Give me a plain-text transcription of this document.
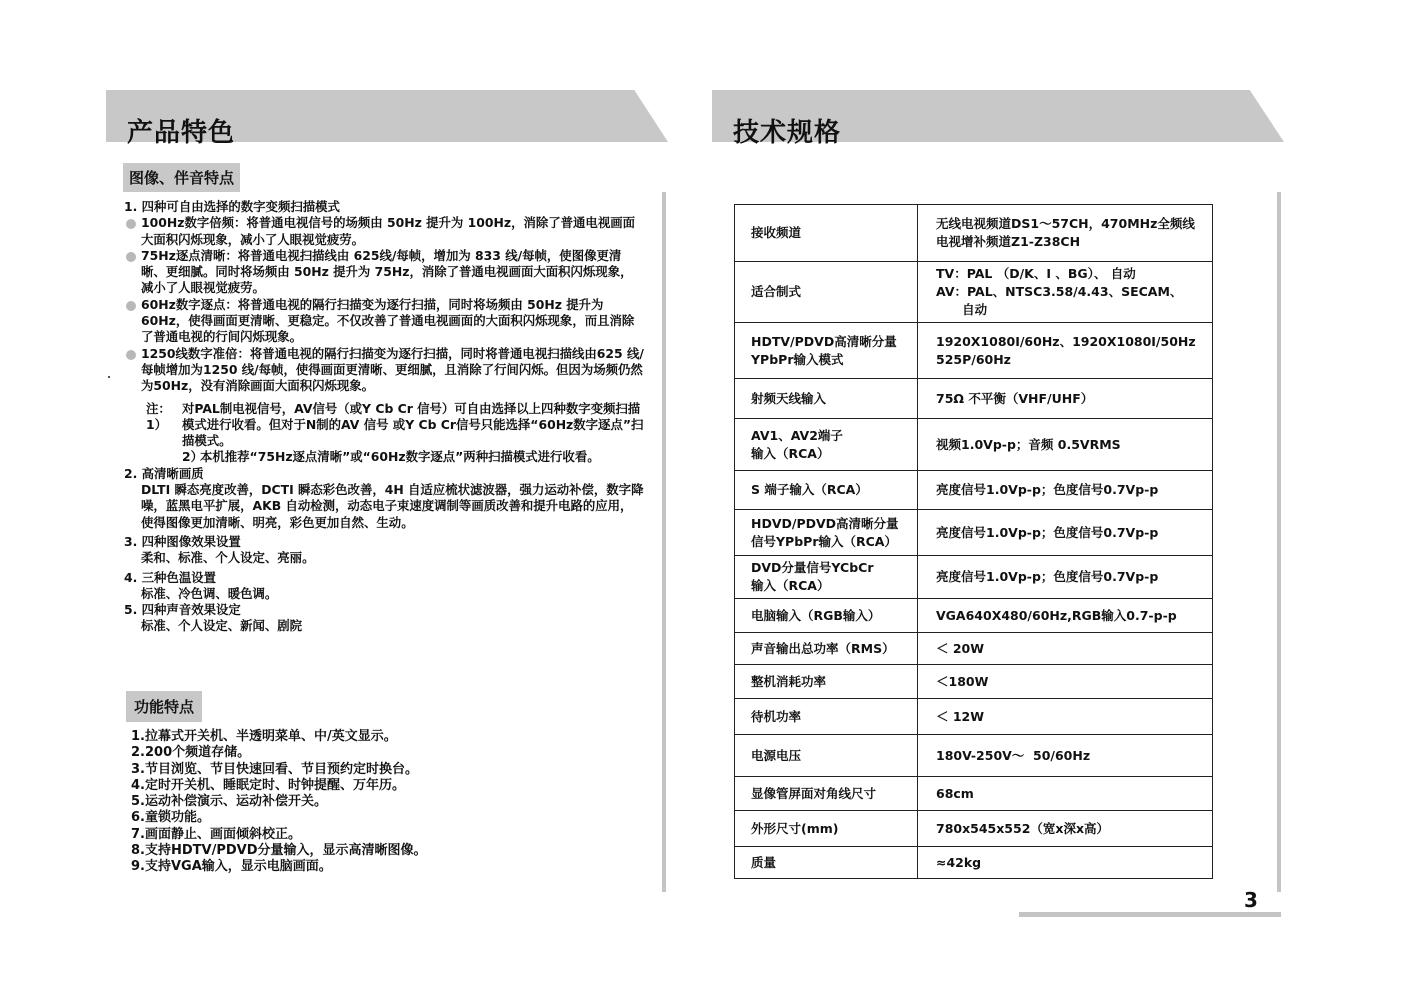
产品特色
图像、伴音特点
1. 四种可自由选择的数字变频扫描模式
100Hz数字倍频：将普通电视信号的场频由 50Hz 提升为 100Hz，消除了普通电视画面大面积闪烁现象，减小了人眼视觉疲劳。
75Hz逐点清晰：将普通电视扫描线由 625线/每帧，增加为 833 线/每帧，使图像更清晰、更细腻。同时将场频由 50Hz 提升为 75Hz，消除了普通电视画面大面积闪烁现象，减小了人眼视觉疲劳。
60Hz数字逐点：将普通电视的隔行扫描变为逐行扫描，同时将场频由 50Hz 提升为60Hz，使得画面更清晰、更稳定。不仅改善了普通电视画面的大面积闪烁现象，而且消除了普通电视的行间闪烁现象。
1250线数字准倍：将普通电视的隔行扫描变为逐行扫描，同时将普通电视扫描线由625 线/每帧增加为1250 线/每帧，使得画面更清晰、更细腻，且消除了行间闪烁。但因为场频仍然为50Hz，没有消除画面大面积闪烁现象。
注：1）
对PAL制电视信号，AV信号（或Y Cb Cr 信号）可自由选择以上四种数字变频扫描模式进行收看。但对于N制的AV 信号 或Y Cb Cr信号只能选择“60Hz数字逐点”扫描模式。
2）
本机推荐“75Hz逐点清晰”或“60Hz数字逐点”两种扫描模式进行收看。
2. 高清晰画质
DLTI 瞬态亮度改善，DCTI 瞬态彩色改善，4H 自适应梳状滤波器，强力运动补偿，数字降噪，蓝黑电平扩展，AKB 自动检测，动态电子束速度调制等画质改善和提升电路的应用，使得图像更加清晰、明亮，彩色更加自然、生动。
3. 四种图像效果设置
柔和、标准、个人设定、亮丽。
4. 三种色温设置
标准、冷色调、暖色调。
5. 四种声音效果设定
标准、个人设定、新闻、剧院
功能特点
1.拉幕式开关机、半透明菜单、中/英文显示。
2.200个频道存储。
3.节目浏览、节目快速回看、节目预约定时换台。
4.定时开关机、睡眠定时、时钟提醒、万年历。
5.运动补偿演示、运动补偿开关。
6.童锁功能。
7.画面静止、画面倾斜校正。
8.支持HDTV/PDVD分量输入，显示高清晰图像。
9.支持VGA输入，显示电脑画面。
技术规格
接收频道	无线电视频道DS1～57CH，470MHz全频线电视增补频道Z1-Z38CH
适合制式	TV：PAL （D/K、I 、BG）、 自动
AV：PAL、NTSC3.58/4.43、SECAM、
自动
HDTV/PDVD高清晰分量
YPbPr输入模式	1920X1080I/60Hz、1920X1080I/50Hz
525P/60Hz
射频天线输入	75Ω 不平衡（VHF/UHF）
AV1、AV2端子
输入（RCA）	视频1.0Vp-p；音频 0.5VRMS
S 端子输入（RCA）	亮度信号1.0Vp-p；色度信号0.7Vp-p
HDVD/PDVD高清晰分量
信号YPbPr输入（RCA）	亮度信号1.0Vp-p；色度信号0.7Vp-p
DVD分量信号YCbCr
输入（RCA）	亮度信号1.0Vp-p；色度信号0.7Vp-p
电脑输入（RGB输入）	VGA640X480/60Hz,RGB输入0.7-p-p
声音输出总功率（RMS）	＜ 20W
整机消耗功率	＜180W
待机功率	＜ 12W
电源电压	180V-250V～  50/60Hz
显像管屏面对角线尺寸	68cm
外形尺寸(mm)	780x545x552（宽x深x高）
质量	≈42kg
3
